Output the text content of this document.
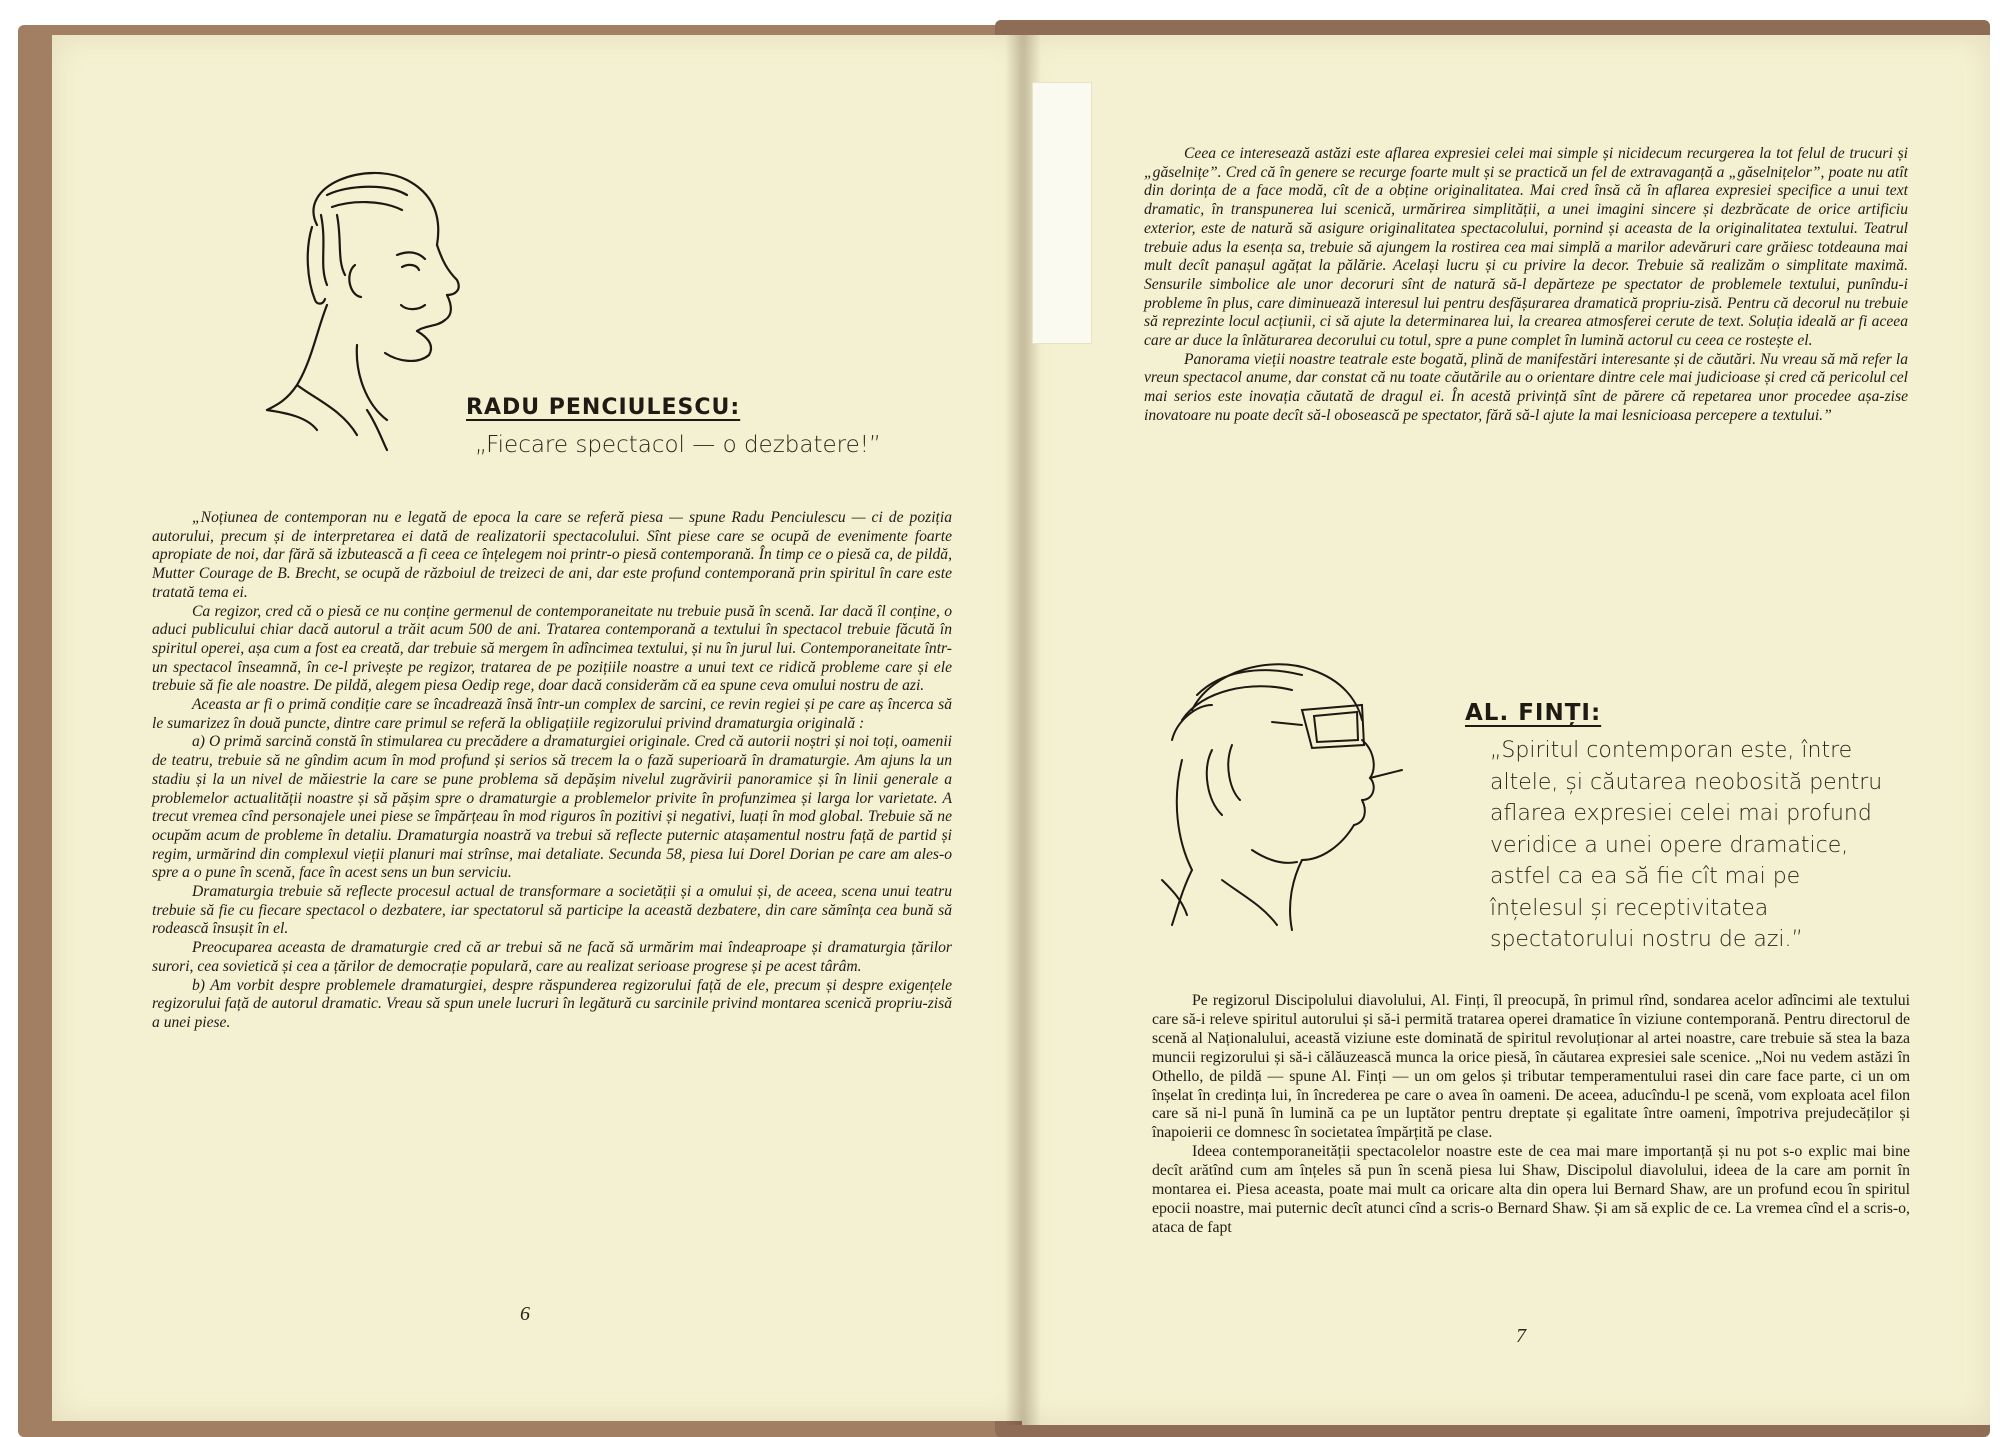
RADU PENCIULESCU:
„Fiecare spectacol — o dezbatere!”

„Noțiunea de contemporan nu e legată de epoca la care se referă piesa — spune Radu Penciulescu — ci de poziția autorului, precum și de interpretarea ei dată de realizatorii spectacolului. Sînt piese care se ocupă de evenimente foarte apropiate de noi, dar fără să izbutească a fi ceea ce înțelegem noi printr-o piesă contemporană. În timp ce o piesă ca, de pildă, Mutter Courage de B. Brecht, se ocupă de războiul de treizeci de ani, dar este profund contemporană prin spiritul în care este tratată tema ei.

Ca regizor, cred că o piesă ce nu conține germenul de contemporaneitate nu trebuie pusă în scenă. Iar dacă îl conține, o aduci publicului chiar dacă autorul a trăit acum 500 de ani. Tratarea contemporană a textului în spectacol trebuie făcută în spiritul operei, așa cum a fost ea creată, dar trebuie să mergem în adîncimea textului, și nu în jurul lui. Contemporaneitate într-un spectacol înseamnă, în ce-l privește pe regizor, tratarea de pe pozițiile noastre a unui text ce ridică probleme care și ele trebuie să fie ale noastre. De pildă, alegem piesa Oedip rege, doar dacă considerăm că ea spune ceva omului nostru de azi.

Aceasta ar fi o primă condiție care se încadrează însă într-un complex de sarcini, ce revin regiei și pe care aș încerca să le sumarizez în două puncte, dintre care primul se referă la obligațiile regizorului privind dramaturgia originală :

a) O primă sarcină constă în stimularea cu precădere a dramaturgiei originale. Cred că autorii noștri și noi toți, oamenii de teatru, trebuie să ne gîndim acum în mod profund și serios să trecem la o fază superioară în dramaturgie. Am ajuns la un stadiu și la un nivel de măiestrie la care se pune problema să depășim nivelul zugrăvirii panoramice și în linii generale a problemelor actualității noastre și să pășim spre o dramaturgie a problemelor privite în profunzimea și larga lor varietate. A trecut vremea cînd personajele unei piese se împărțeau în mod riguros în pozitivi și negativi, luați în mod global. Trebuie să ne ocupăm acum de probleme în detaliu. Dramaturgia noastră va trebui să reflecte puternic atașamentul nostru față de partid și regim, urmărind din complexul vieții planuri mai strînse, mai detaliate. Secunda 58, piesa lui Dorel Dorian pe care am ales-o spre a o pune în scenă, face în acest sens un bun serviciu.

Dramaturgia trebuie să reflecte procesul actual de transformare a societății și a omului și, de aceea, scena unui teatru trebuie să fie cu fiecare spectacol o dezbatere, iar spectatorul să participe la această dezbatere, din care sămînța cea bună să rodească însușit în el.

Preocuparea aceasta de dramaturgie cred că ar trebui să ne facă să urmărim mai îndeaproape și dramaturgia țărilor surori, cea sovietică și cea a țărilor de democrație populară, care au realizat serioase progrese și pe acest târâm.

b) Am vorbit despre problemele dramaturgiei, despre răspunderea regizorului față de ele, precum și despre exigențele regizorului față de autorul dramatic. Vreau să spun unele lucruri în legătură cu sarcinile privind montarea scenică propriu-zisă a unei piese.

6

Ceea ce interesează astăzi este aflarea expresiei celei mai simple și nicidecum recurgerea la tot felul de trucuri și „găselnițe”. Cred că în genere se recurge foarte mult și se practică un fel de extravaganță a „găselnițelor”, poate nu atît din dorința de a face modă, cît de a obține originalitatea. Mai cred însă că în aflarea expresiei specifice a unui text dramatic, în transpunerea lui scenică, urmărirea simplității, a unei imagini sincere și dezbrăcate de orice artificiu exterior, este de natură să asigure originalitatea spectacolului, pornind și aceasta de la originalitatea textului. Teatrul trebuie adus la esența sa, trebuie să ajungem la rostirea cea mai simplă a marilor adevăruri care grăiesc totdeauna mai mult decît panașul agățat la pălărie. Același lucru și cu privire la decor. Trebuie să realizăm o simplitate maximă. Sensurile simbolice ale unor decoruri sînt de natură să-l depărteze pe spectator de problemele textului, punîndu-i probleme în plus, care diminuează interesul lui pentru desfășurarea dramatică propriu-zisă. Pentru că decorul nu trebuie să reprezinte locul acțiunii, ci să ajute la determinarea lui, la crearea atmosferei cerute de text. Soluția ideală ar fi aceea care ar duce la înlăturarea decorului cu totul, spre a pune complet în lumină actorul cu ceea ce rostește el.

Panorama vieții noastre teatrale este bogată, plină de manifestări interesante și de căutări. Nu vreau să mă refer la vreun spectacol anume, dar constat că nu toate căutările au o orientare dintre cele mai judicioase și cred că pericolul cel mai serios este inovația căutată de dragul ei. În acestă privință sînt de părere că repetarea unor procedee așa-zise inovatoare nu poate decît să-l obosească pe spectator, fără să-l ajute la mai lesnicioasa percepere a textului.”

AL. FINȚI:
„Spiritul contemporan este, între altele, și căutarea neobosită pentru aflarea expresiei celei mai profund veridice a unei opere dramatice, astfel ca ea să fie cît mai pe înțelesul și receptivitatea spectatorului nostru de azi.”

Pe regizorul Discipolului diavolului, Al. Finți, îl preocupă, în primul rînd, sondarea acelor adîncimi ale textului care să-i releve spiritul autorului și să-i permită tratarea operei dramatice în viziune contemporană. Pentru directorul de scenă al Naționalului, această viziune este dominată de spiritul revoluționar al artei noastre, care trebuie să stea la baza muncii regizorului și să-i călăuzească munca la orice piesă, în căutarea expresiei sale scenice. „Noi nu vedem astăzi în Othello, de pildă — spune Al. Finți — un om gelos și tributar temperamentului rasei din care face parte, ci un om înșelat în credința lui, în încrederea pe care o avea în oameni. De aceea, aducîndu-l pe scenă, vom exploata acel filon care să ni-l pună în lumină ca pe un luptător pentru dreptate și egalitate între oameni, împotriva prejudecăților și înapoierii ce domnesc în societatea împărțită pe clase.

Ideea contemporaneității spectacolelor noastre este de cea mai mare importanță și nu pot s-o explic mai bine decît arătînd cum am înțeles să pun în scenă piesa lui Shaw, Discipolul diavolului, ideea de la care am pornit în montarea ei. Piesa aceasta, poate mai mult ca oricare alta din opera lui Bernard Shaw, are un profund ecou în spiritul epocii noastre, mai puternic decît atunci cînd a scris-o Bernard Shaw. Și am să explic de ce. La vremea cînd el a scris-o, ataca de fapt

7
